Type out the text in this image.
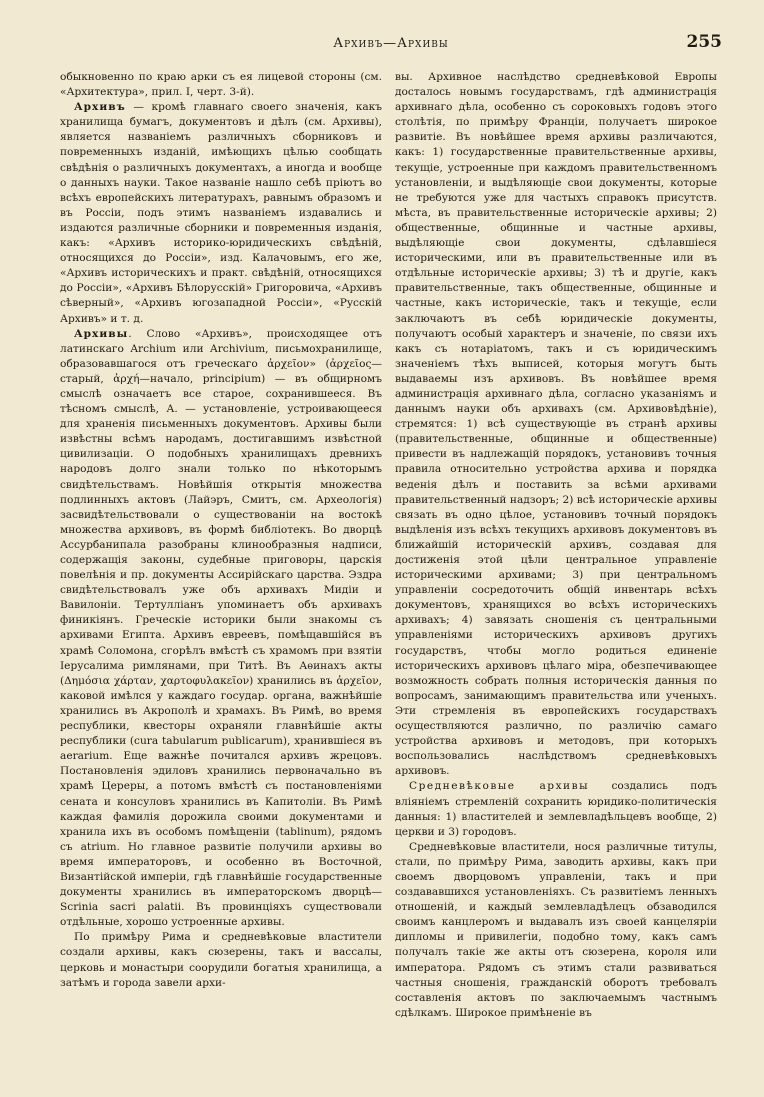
Архивъ—Архивы	255

обыкновенно по краю арки съ ея лицевой стороны (см. «Архитектура», прил. I, черт. 3-й).

Архивъ — кромѣ главнаго своего значенія, какъ хранилища бумагъ, документовъ и дѣлъ (см. Архивы), является названіемъ различныхъ сборниковъ и повременныхъ изданій, имѣющихъ цѣлью сообщать свѣдѣнія о различныхъ документахъ, а иногда и вообще о данныхъ науки. Такое названіе нашло себѣ пріютъ во всѣхъ европейскихъ литературахъ, равнымъ образомъ и въ Россіи, подъ этимъ названіемъ издавались и издаются различные сборники и повременныя изданія, какъ: «Архивъ историко-юридическихъ свѣдѣній, относящихся до Россіи», изд. Калачовымъ, его же, «Архивъ историческихъ и практ. свѣдѣній, относящихся до Россіи», «Архивъ Бѣлорусскій» Григоровича, «Архивъ сѣверный», «Архивъ югозападной Россіи», «Русскій Архивъ» и т. д.

Архивы. Слово «Архивъ», происходящее отъ латинскаго Archium или Archivium, письмохранилище, образовавшагося отъ греческаго ἀρχεῖον» (ἀρχεῖος—старый, ἀρχή—начало, principium) — въ общирномъ смыслѣ означаетъ все старое, сохранившееся. Въ тѣсномъ смыслѣ, А. — установленіе, устроивающееся для храненія письменныхъ документовъ. Архивы были извѣстны всѣмъ народамъ, достигавшимъ извѣстной цивилизаціи. О подобныхъ хранилищахъ древнихъ народовъ долго знали только по нѣкоторымъ свидѣтельствамъ. Новѣйшія открытія множества подлинныхъ актовъ (Лайэръ, Смитъ, см. Археологія) засвидѣтельствовали о существованіи на востокѣ множества архивовъ, въ формѣ библіотекъ. Во дворцѣ Ассурбанипала разобраны клинообразныя надписи, содержащія законы, судебные приговоры, царскія повелѣнія и пр. документы Ассирійскаго царства. Эздра свидѣтельствовалъ уже объ архивахъ Мидіи и Вавилоніи. Тертулліанъ упоминаетъ объ архивахъ финикіянъ. Греческіе историки были знакомы съ архивами Египта. Архивъ евреевъ, помѣщавшійся въ храмѣ Соломона, сгорѣлъ вмѣстѣ съ храмомъ при взятіи Іерусалима римлянами, при Титѣ. Въ Аѳинахъ акты (Δημόσια χάρταν, χαρτοφυλακεῖον) хранились въ ἀρχεῖον, каковой имѣлся у каждаго государ. органа, важнѣйшіе хранились въ Акрополѣ и храмахъ. Въ Римѣ, во время республики, квесторы охраняли главнѣйшіе акты республики (cura tabularum publicarum), хранившіеся въ aerarium. Еще важнѣе почитался архивъ жрецовъ. Постановленія эдиловъ хранились первоначально въ храмѣ Цереры, а потомъ вмѣстѣ съ постановленіями сената и консуловъ хранились въ Капитоліи. Въ Римѣ каждая фамилія дорожила своими документами и хранила ихъ въ особомъ помѣщеніи (tablinum), рядомъ съ atrium. Но главное развитіе получили архивы во время императоровъ, и особенно въ Восточной, Византійской имперіи, гдѣ главнѣйшіе государственные документы хранились въ императорскомъ дворцѣ—Scrinia sacri palatii. Въ провинціяхъ существовали отдѣльные, хорошо устроенные архивы.

По примѣру Рима и средневѣковые властители создали архивы, какъ сюзерены, такъ и вассалы, церковь и монастыри соорудили богатыя хранилища, а затѣмъ и города завели архи-

вы. Архивное наслѣдство средневѣковой Европы досталось новымъ государствамъ, гдѣ администрація архивнаго дѣла, особенно съ сороковыхъ годовъ этого столѣтія, по примѣру Франціи, получаетъ широкое развитіе. Въ новѣйшее время архивы различаются, какъ: 1) государственные правительственные архивы, текущіе, устроенные при каждомъ правительственномъ установленіи, и выдѣляющіе свои документы, которые не требуются уже для частыхъ справокъ присутств. мѣста, въ правительственные историческіе архивы; 2) общественные, общинные и частные архивы, выдѣляющіе свои документы, сдѣлавшіеся историческими, или въ правительственные или въ отдѣльные историческіе архивы; 3) тѣ и другіе, какъ правительственные, такъ общественные, общинные и частные, какъ историческіе, такъ и текущіе, если заключаютъ въ себѣ юридическіе документы, получаютъ особый характеръ и значеніе, по связи ихъ какъ съ нотаріатомъ, такъ и съ юридическимъ значеніемъ тѣхъ выписей, которыя могутъ быть выдаваемы изъ архивовъ. Въ новѣйшее время администрація архивнаго дѣла, согласно указаніямъ и даннымъ науки объ архивахъ (см. Архивовѣдѣніе), стремятся: 1) всѣ существующіе въ странѣ архивы (правительственные, общинные и общественные) привести въ надлежащій порядокъ, установивъ точныя правила относительно устройства архива и порядка веденія дѣлъ и поставить за всѣми архивами правительственный надзоръ; 2) всѣ историческіе архивы связать въ одно цѣлое, установивъ точный порядокъ выдѣленія изъ всѣхъ текущихъ архивовъ документовъ въ ближайшій историческій архивъ, создавая для достиженія этой цѣли центральное управленіе историческими архивами; 3) при центральномъ управленіи сосредоточить общій инвентарь всѣхъ документовъ, хранящихся во всѣхъ историческихъ архивахъ; 4) завязать сношенія съ центральными управленіями историческихъ архивовъ другихъ государствъ, чтобы могло родиться единеніе историческихъ архивовъ цѣлаго міра, обезпечивающее возможность собрать полныя историческія данныя по вопросамъ, занимающимъ правительства или ученыхъ. Эти стремленія въ европейскихъ государствахъ осуществляются различно, по различію самаго устройства архивовъ и методовъ, при которыхъ воспользовались наслѣдствомъ средневѣковыхъ архивовъ.

Средневѣковые архивы создались подъ вліяніемъ стремленій сохранить юридико-политическія данныя: 1) властителей и землевладѣльцевъ вообще, 2) церкви и 3) городовъ.

Средневѣковые властители, нося различные титулы, стали, по примѣру Рима, заводить архивы, какъ при своемъ дворцовомъ управленіи, такъ и при создававшихся установленіяхъ. Съ развитіемъ ленныхъ отношеній, и каждый землевладѣлецъ обзаводился своимъ канцлеромъ и выдавалъ изъ своей канцеляріи дипломы и привилегіи, подобно тому, какъ самъ получалъ такіе же акты отъ сюзерена, короля или императора. Рядомъ съ этимъ стали развиваться частныя сношенія, гражданскій оборотъ требовалъ составленія актовъ по заключаемымъ частнымъ сдѣлкамъ. Широкое примѣненіе въ
